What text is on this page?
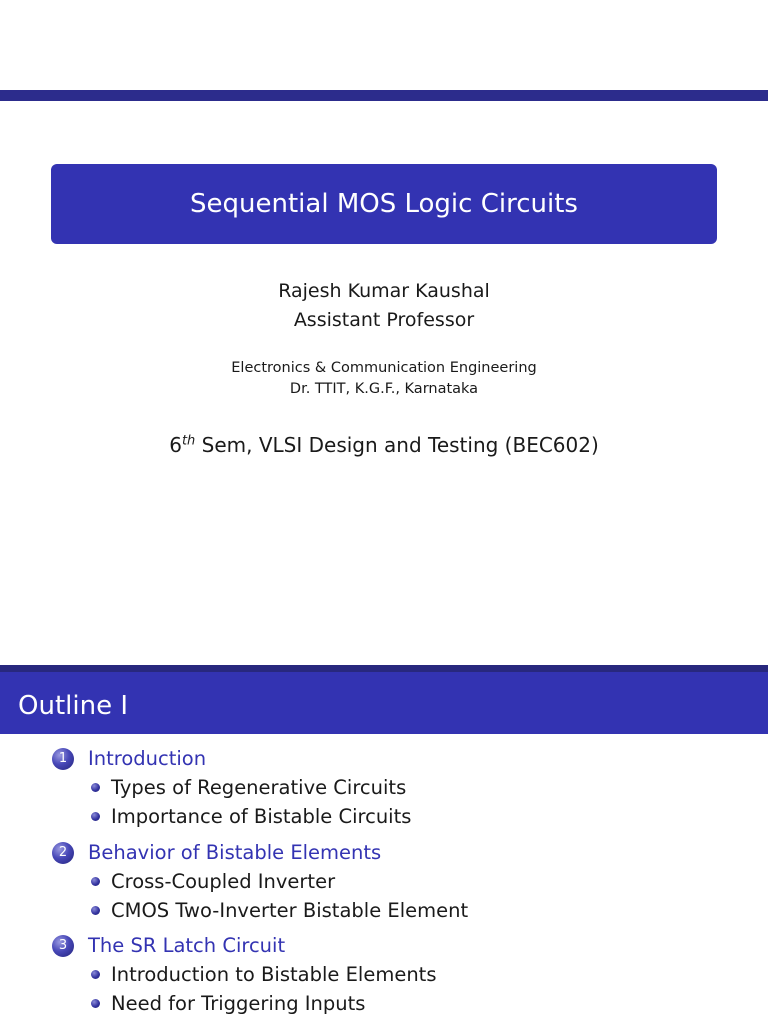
Sequential MOS Logic Circuits
Rajesh Kumar Kaushal
Assistant Professor
Electronics & Communication Engineering
Dr. TTIT, K.G.F., Karnataka
6th Sem, VLSI Design and Testing (BEC602)
Outline I
1	Introduction
Types of Regenerative Circuits
Importance of Bistable Circuits
2	Behavior of Bistable Elements
Cross-Coupled Inverter
CMOS Two-Inverter Bistable Element
3	The SR Latch Circuit
Introduction to Bistable Elements
Need for Triggering Inputs
